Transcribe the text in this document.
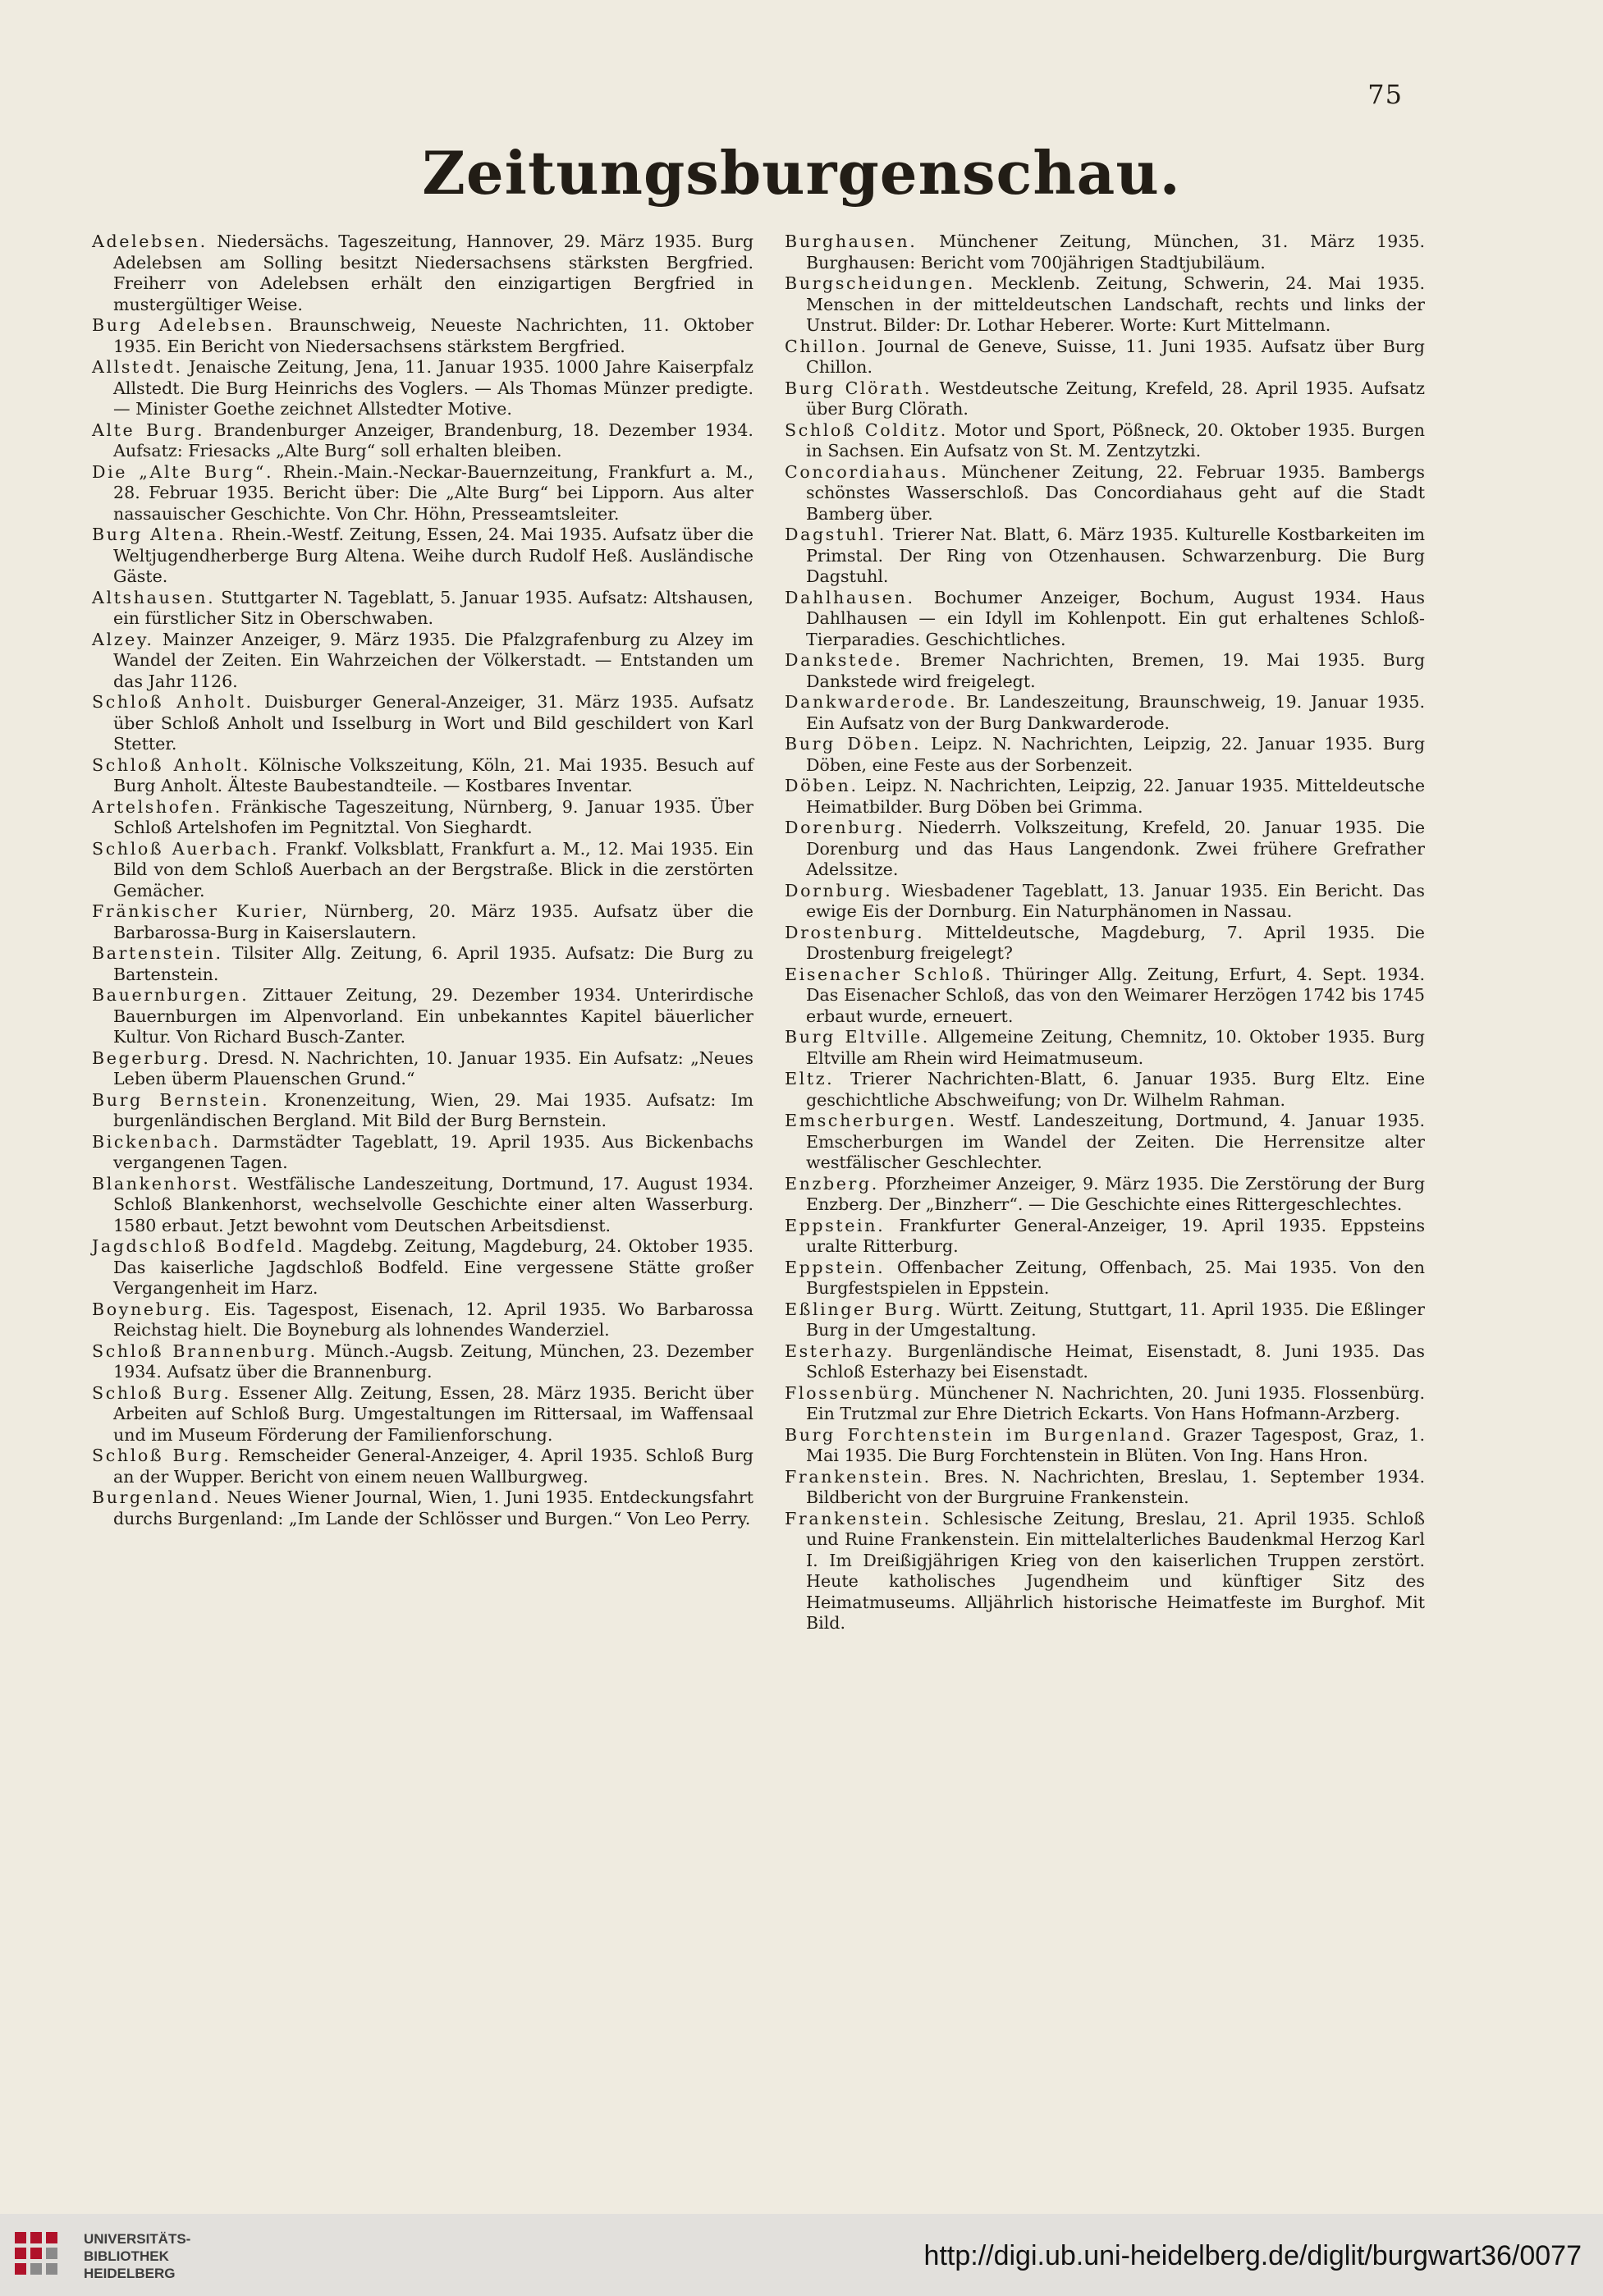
75
Zeitungsburgenschau.

Adelebsen. Niedersächs. Tageszeitung, Hannover, 29. März 1935. Burg Adelebsen am Solling besitzt Niedersachsens stärksten Bergfried. Freiherr von Adelebsen erhält den einzigartigen Bergfried in mustergültiger Weise.

Burg Adelebsen. Braunschweig, Neueste Nachrichten, 11. Oktober 1935. Ein Bericht von Niedersachsens stärkstem Bergfried.

Allstedt. Jenaische Zeitung, Jena, 11. Januar 1935. 1000 Jahre Kaiserpfalz Allstedt. Die Burg Heinrichs des Voglers. — Als Thomas Münzer predigte. — Minister Goethe zeichnet Allstedter Motive.

Alte Burg. Brandenburger Anzeiger, Brandenburg, 18. Dezember 1934. Aufsatz: Friesacks „Alte Burg“ soll erhalten bleiben.

Die „Alte Burg“. Rhein.-Main.-Neckar-Bauernzeitung, Frankfurt a. M., 28. Februar 1935. Bericht über: Die „Alte Burg“ bei Lipporn. Aus alter nassauischer Geschichte. Von Chr. Höhn, Presseamtsleiter.

Burg Altena. Rhein.-Westf. Zeitung, Essen, 24. Mai 1935. Aufsatz über die Weltjugendherberge Burg Altena. Weihe durch Rudolf Heß. Ausländische Gäste.

Altshausen. Stuttgarter N. Tageblatt, 5. Januar 1935. Aufsatz: Altshausen, ein fürstlicher Sitz in Oberschwaben.

Alzey. Mainzer Anzeiger, 9. März 1935. Die Pfalzgrafenburg zu Alzey im Wandel der Zeiten. Ein Wahrzeichen der Völkerstadt. — Entstanden um das Jahr 1126.

Schloß Anholt. Duisburger General-Anzeiger, 31. März 1935. Aufsatz über Schloß Anholt und Isselburg in Wort und Bild geschildert von Karl Stetter.

Schloß Anholt. Kölnische Volkszeitung, Köln, 21. Mai 1935. Besuch auf Burg Anholt. Älteste Baubestandteile. — Kostbares Inventar.

Artelshofen. Fränkische Tageszeitung, Nürnberg, 9. Januar 1935. Über Schloß Artelshofen im Pegnitztal. Von Sieghardt.

Schloß Auerbach. Frankf. Volksblatt, Frankfurt a. M., 12. Mai 1935. Ein Bild von dem Schloß Auerbach an der Bergstraße. Blick in die zerstörten Gemächer.

Fränkischer Kurier, Nürnberg, 20. März 1935. Aufsatz über die Barbarossa-Burg in Kaiserslautern.

Bartenstein. Tilsiter Allg. Zeitung, 6. April 1935. Aufsatz: Die Burg zu Bartenstein.

Bauernburgen. Zittauer Zeitung, 29. Dezember 1934. Unterirdische Bauernburgen im Alpenvorland. Ein unbekanntes Kapitel bäuerlicher Kultur. Von Richard Busch-Zanter.

Begerburg. Dresd. N. Nachrichten, 10. Januar 1935. Ein Aufsatz: „Neues Leben überm Plauenschen Grund.“

Burg Bernstein. Kronenzeitung, Wien, 29. Mai 1935. Aufsatz: Im burgenländischen Bergland. Mit Bild der Burg Bernstein.

Bickenbach. Darmstädter Tageblatt, 19. April 1935. Aus Bickenbachs vergangenen Tagen.

Blankenhorst. Westfälische Landeszeitung, Dortmund, 17. August 1934. Schloß Blankenhorst, wechselvolle Geschichte einer alten Wasserburg. 1580 erbaut. Jetzt bewohnt vom Deutschen Arbeitsdienst.

Jagdschloß Bodfeld. Magdebg. Zeitung, Magdeburg, 24. Oktober 1935. Das kaiserliche Jagdschloß Bodfeld. Eine vergessene Stätte großer Vergangenheit im Harz.

Boyneburg. Eis. Tagespost, Eisenach, 12. April 1935. Wo Barbarossa Reichstag hielt. Die Boyneburg als lohnendes Wanderziel.

Schloß Brannenburg. Münch.-Augsb. Zeitung, München, 23. Dezember 1934. Aufsatz über die Brannenburg.

Schloß Burg. Essener Allg. Zeitung, Essen, 28. März 1935. Bericht über Arbeiten auf Schloß Burg. Umgestaltungen im Rittersaal, im Waffensaal und im Museum Förderung der Familienforschung.

Schloß Burg. Remscheider General-Anzeiger, 4. April 1935. Schloß Burg an der Wupper. Bericht von einem neuen Wallburgweg.

Burgenland. Neues Wiener Journal, Wien, 1. Juni 1935. Entdeckungsfahrt durchs Burgenland: „Im Lande der Schlösser und Burgen.“ Von Leo Perry.

Burghausen. Münchener Zeitung, München, 31. März 1935. Burghausen: Bericht vom 700jährigen Stadtjubiläum.

Burgscheidungen. Mecklenb. Zeitung, Schwerin, 24. Mai 1935. Menschen in der mitteldeutschen Landschaft, rechts und links der Unstrut. Bilder: Dr. Lothar Heberer. Worte: Kurt Mittelmann.

Chillon. Journal de Geneve, Suisse, 11. Juni 1935. Aufsatz über Burg Chillon.

Burg Clörath. Westdeutsche Zeitung, Krefeld, 28. April 1935. Aufsatz über Burg Clörath.

Schloß Colditz. Motor und Sport, Pößneck, 20. Oktober 1935. Burgen in Sachsen. Ein Aufsatz von St. M. Zentzytzki.

Concordiahaus. Münchener Zeitung, 22. Februar 1935. Bambergs schönstes Wasserschloß. Das Concordiahaus geht auf die Stadt Bamberg über.

Dagstuhl. Trierer Nat. Blatt, 6. März 1935. Kulturelle Kostbarkeiten im Primstal. Der Ring von Otzenhausen. Schwarzenburg. Die Burg Dagstuhl.

Dahlhausen. Bochumer Anzeiger, Bochum, August 1934. Haus Dahlhausen — ein Idyll im Kohlenpott. Ein gut erhaltenes Schloß-Tierparadies. Geschichtliches.

Dankstede. Bremer Nachrichten, Bremen, 19. Mai 1935. Burg Dankstede wird freigelegt.

Dankwarderode. Br. Landeszeitung, Braunschweig, 19. Januar 1935. Ein Aufsatz von der Burg Dankwarderode.

Burg Döben. Leipz. N. Nachrichten, Leipzig, 22. Januar 1935. Burg Döben, eine Feste aus der Sorbenzeit.

Döben. Leipz. N. Nachrichten, Leipzig, 22. Januar 1935. Mitteldeutsche Heimatbilder. Burg Döben bei Grimma.

Dorenburg. Niederrh. Volkszeitung, Krefeld, 20. Januar 1935. Die Dorenburg und das Haus Langendonk. Zwei frühere Grefrather Adelssitze.

Dornburg. Wiesbadener Tageblatt, 13. Januar 1935. Ein Bericht. Das ewige Eis der Dornburg. Ein Naturphänomen in Nassau.

Drostenburg. Mitteldeutsche, Magdeburg, 7. April 1935. Die Drostenburg freigelegt?

Eisenacher Schloß. Thüringer Allg. Zeitung, Erfurt, 4. Sept. 1934. Das Eisenacher Schloß, das von den Weimarer Herzögen 1742 bis 1745 erbaut wurde, erneuert.

Burg Eltville. Allgemeine Zeitung, Chemnitz, 10. Oktober 1935. Burg Eltville am Rhein wird Heimatmuseum.

Eltz. Trierer Nachrichten-Blatt, 6. Januar 1935. Burg Eltz. Eine geschichtliche Abschweifung; von Dr. Wilhelm Rahman.

Emscherburgen. Westf. Landeszeitung, Dortmund, 4. Januar 1935. Emscherburgen im Wandel der Zeiten. Die Herrensitze alter westfälischer Geschlechter.

Enzberg. Pforzheimer Anzeiger, 9. März 1935. Die Zerstörung der Burg Enzberg. Der „Binzherr“. — Die Geschichte eines Rittergeschlechtes.

Eppstein. Frankfurter General-Anzeiger, 19. April 1935. Eppsteins uralte Ritterburg.

Eppstein. Offenbacher Zeitung, Offenbach, 25. Mai 1935. Von den Burgfestspielen in Eppstein.

Eßlinger Burg. Württ. Zeitung, Stuttgart, 11. April 1935. Die Eßlinger Burg in der Umgestaltung.

Esterhazy. Burgenländische Heimat, Eisenstadt, 8. Juni 1935. Das Schloß Esterhazy bei Eisenstadt.

Flossenbürg. Münchener N. Nachrichten, 20. Juni 1935. Flossenbürg. Ein Trutzmal zur Ehre Dietrich Eckarts. Von Hans Hofmann-Arzberg.

Burg Forchtenstein im Burgenland. Grazer Tagespost, Graz, 1. Mai 1935. Die Burg Forchtenstein in Blüten. Von Ing. Hans Hron.

Frankenstein. Bres. N. Nachrichten, Breslau, 1. September 1934. Bildbericht von der Burgruine Frankenstein.

Frankenstein. Schlesische Zeitung, Breslau, 21. April 1935. Schloß und Ruine Frankenstein. Ein mittelalterliches Baudenkmal Herzog Karl I. Im Dreißigjährigen Krieg von den kaiserlichen Truppen zerstört. Heute katholisches Jugendheim und künftiger Sitz des Heimatmuseums. Alljährlich historische Heimatfeste im Burghof. Mit Bild.

UNIVERSITÄTS-
BIBLIOTHEK
HEIDELBERG
http://digi.ub.uni-heidelberg.de/diglit/burgwart36/0077
